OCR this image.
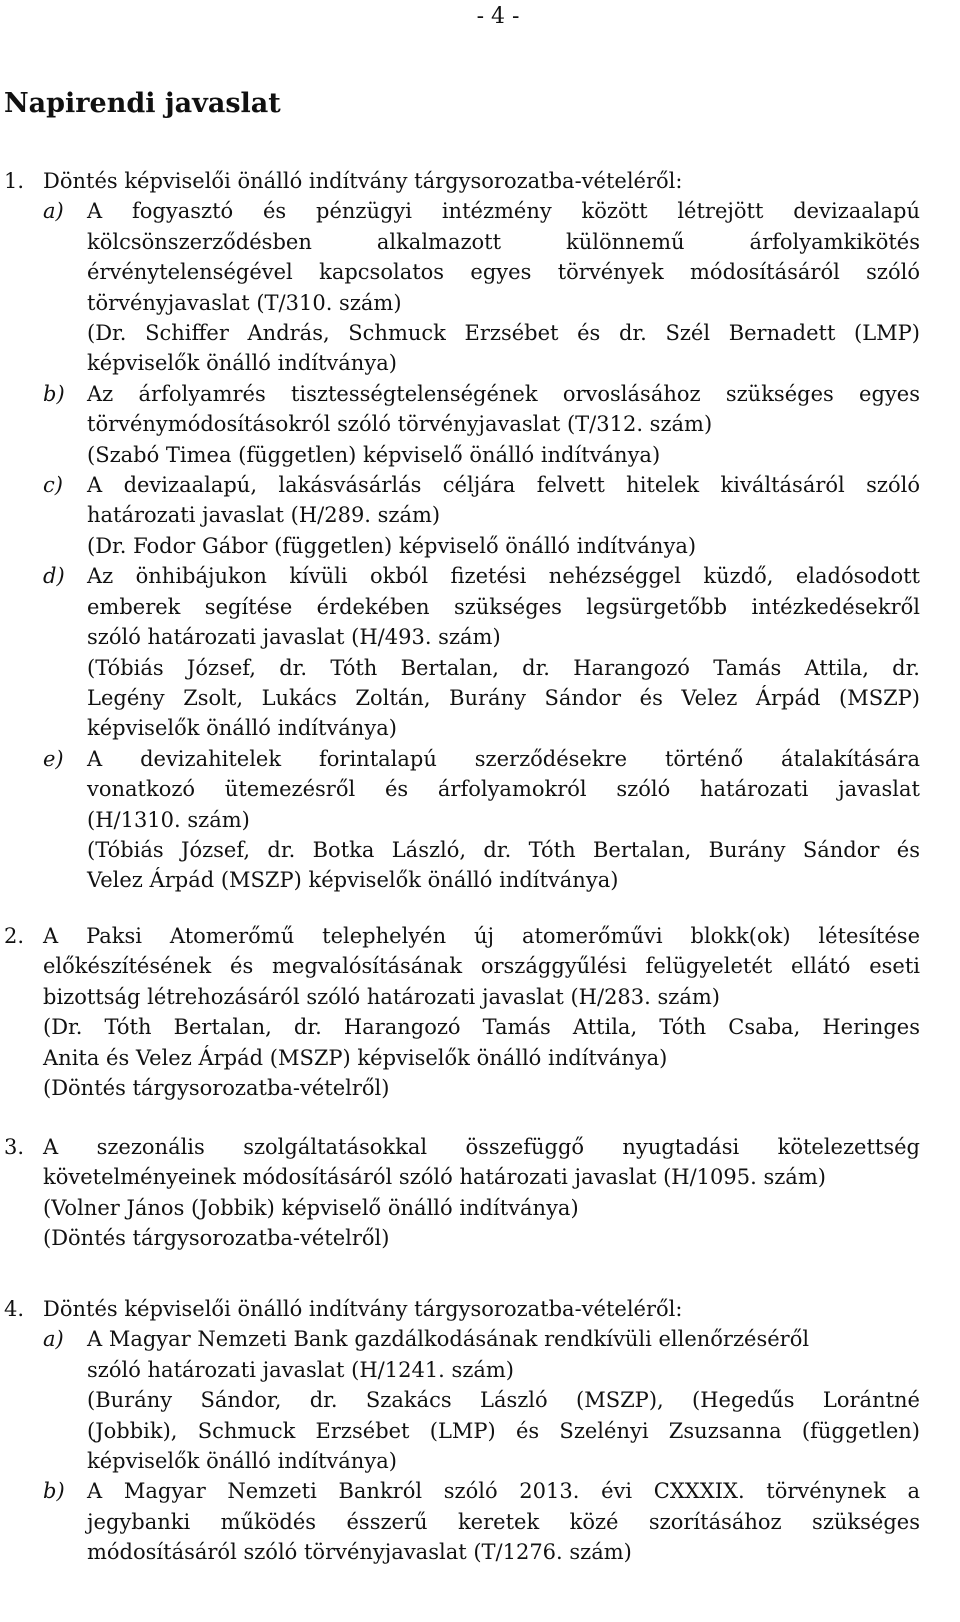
- 4 -
Napirendi javaslat
1. Döntés képviselői önálló indítvány tárgysorozatba-vételéről:
a) A fogyasztó és pénzügyi intézmény között létrejött devizaalapú
kölcsönszerződésben alkalmazott különnemű árfolyamkikötés
érvénytelenségével kapcsolatos egyes törvények módosításáról szóló
törvényjavaslat (T/310. szám)
(Dr. Schiffer András, Schmuck Erzsébet és dr. Szél Bernadett (LMP)
képviselők önálló indítványa)
b) Az árfolyamrés tisztességtelenségének orvoslásához szükséges egyes
törvénymódosításokról szóló törvényjavaslat (T/312. szám)
(Szabó Timea (független) képviselő önálló indítványa)
c) A devizaalapú, lakásvásárlás céljára felvett hitelek kiváltásáról szóló
határozati javaslat (H/289. szám)
(Dr. Fodor Gábor (független) képviselő önálló indítványa)
d) Az önhibájukon kívüli okból fizetési nehézséggel küzdő, eladósodott
emberek segítése érdekében szükséges legsürgetőbb intézkedésekről
szóló határozati javaslat (H/493. szám)
(Tóbiás József, dr. Tóth Bertalan, dr. Harangozó Tamás Attila, dr.
Legény Zsolt, Lukács Zoltán, Burány Sándor és Velez Árpád (MSZP)
képviselők önálló indítványa)
e) A devizahitelek forintalapú szerződésekre történő átalakítására
vonatkozó ütemezésről és árfolyamokról szóló határozati javaslat
(H/1310. szám)
(Tóbiás József, dr. Botka László, dr. Tóth Bertalan, Burány Sándor és
Velez Árpád (MSZP) képviselők önálló indítványa)
2. A Paksi Atomerőmű telephelyén új atomerőművi blokk(ok) létesítése
előkészítésének és megvalósításának országgyűlési felügyeletét ellátó eseti
bizottság létrehozásáról szóló határozati javaslat (H/283. szám)
(Dr. Tóth Bertalan, dr. Harangozó Tamás Attila, Tóth Csaba, Heringes
Anita és Velez Árpád (MSZP) képviselők önálló indítványa)
(Döntés tárgysorozatba-vételről)
3. A szezonális szolgáltatásokkal összefüggő nyugtadási kötelezettség
követelményeinek módosításáról szóló határozati javaslat (H/1095. szám)
(Volner János (Jobbik) képviselő önálló indítványa)
(Döntés tárgysorozatba-vételről)
4. Döntés képviselői önálló indítvány tárgysorozatba-vételéről:
a) A Magyar Nemzeti Bank gazdálkodásának rendkívüli ellenőrzéséről
szóló határozati javaslat (H/1241. szám)
(Burány Sándor, dr. Szakács László (MSZP), (Hegedűs Lorántné
(Jobbik), Schmuck Erzsébet (LMP) és Szelényi Zsuzsanna (független)
képviselők önálló indítványa)
b) A Magyar Nemzeti Bankról szóló 2013. évi CXXXIX. törvénynek a
jegybanki működés ésszerű keretek közé szorításához szükséges
módosításáról szóló törvényjavaslat (T/1276. szám)
